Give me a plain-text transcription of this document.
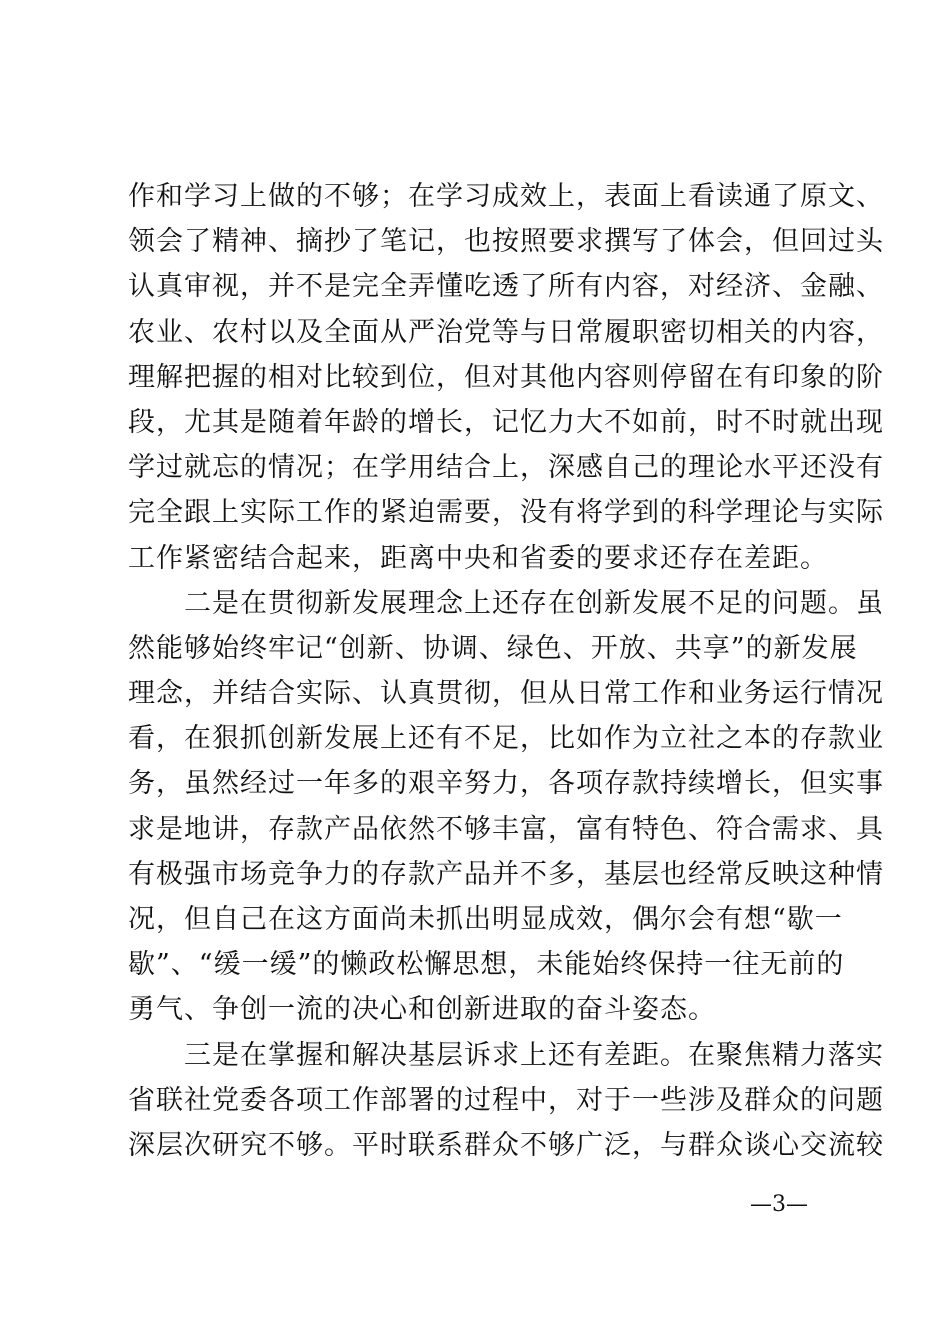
作和学习上做的不够；在学习成效上，表面上看读通了原文、
领会了精神、摘抄了笔记，也按照要求撰写了体会，但回过头
认真审视，并不是完全弄懂吃透了所有内容，对经济、金融、
农业、农村以及全面从严治党等与日常履职密切相关的内容，
理解把握的相对比较到位，但对其他内容则停留在有印象的阶
段，尤其是随着年龄的增长，记忆力大不如前，时不时就出现
学过就忘的情况；在学用结合上，深感自己的理论水平还没有
完全跟上实际工作的紧迫需要，没有将学到的科学理论与实际
工作紧密结合起来，距离中央和省委的要求还存在差距。
　　二是在贯彻新发展理念上还存在创新发展不足的问题。虽
然能够始终牢记“创新、协调、绿色、开放、共享”的新发展
理念，并结合实际、认真贯彻，但从日常工作和业务运行情况
看，在狠抓创新发展上还有不足，比如作为立社之本的存款业
务，虽然经过一年多的艰辛努力，各项存款持续增长，但实事
求是地讲，存款产品依然不够丰富，富有特色、符合需求、具
有极强市场竞争力的存款产品并不多，基层也经常反映这种情
况，但自己在这方面尚未抓出明显成效，偶尔会有想“歇一
歇”、“缓一缓”的懒政松懈思想，未能始终保持一往无前的
勇气、争创一流的决心和创新进取的奋斗姿态。
　　三是在掌握和解决基层诉求上还有差距。在聚焦精力落实
省联社党委各项工作部署的过程中，对于一些涉及群众的问题
深层次研究不够。平时联系群众不够广泛，与群众谈心交流较
—3—
